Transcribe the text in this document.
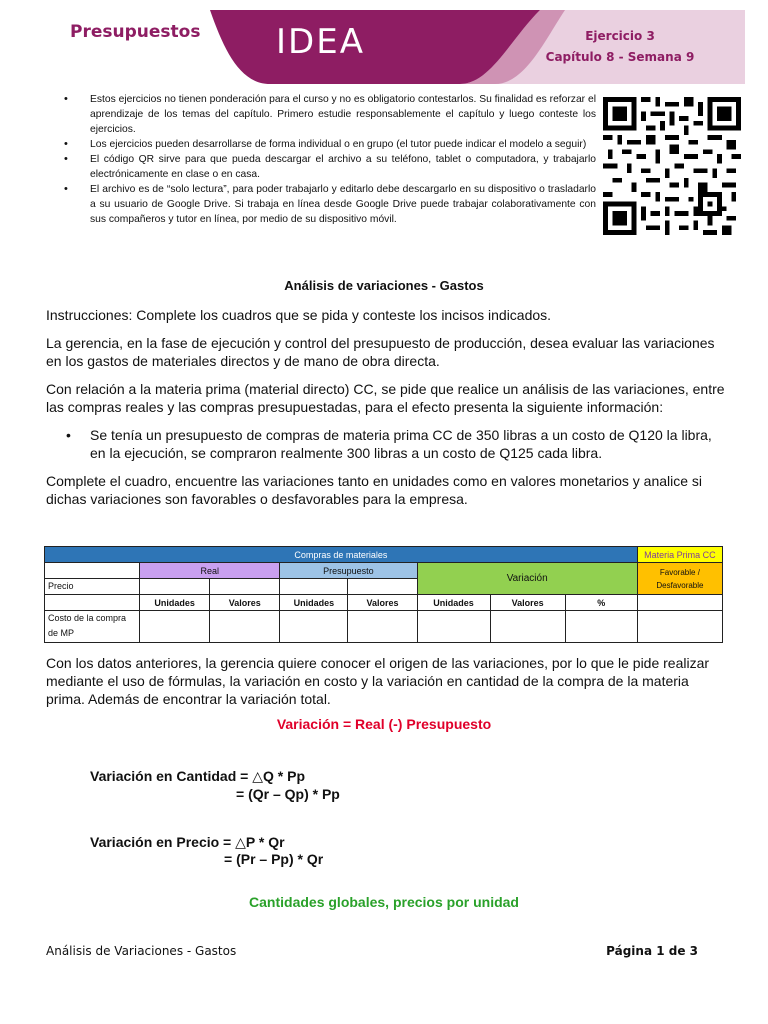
Presupuestos IDEA	Ejercicio 3
Capítulo 8 - Semana 9
• Estos ejercicios no tienen ponderación para el curso y no es obligatorio contestarlos. Su finalidad es reforzar el aprendizaje de los temas del capítulo. Primero estudie responsablemente el capítulo y luego conteste los ejercicios.
• Los ejercicios pueden desarrollarse de forma individual o en grupo (el tutor puede indicar el modelo a seguir)
• El código QR sirve para que pueda descargar el archivo a su teléfono, tablet o computadora, y trabajarlo electrónicamente en clase o en casa.
• El archivo es de “solo lectura”, para poder trabajarlo y editarlo debe descargarlo en su dispositivo o trasladarlo a su usuario de Google Drive. Si trabaja en línea desde Google Drive puede trabajar colaborativamente con sus compañeros y tutor en línea, por medio de su dispositivo móvil.
Análisis de variaciones - Gastos

Instrucciones: Complete los cuadros que se pida y conteste los incisos indicados.

La gerencia, en la fase de ejecución y control del presupuesto de producción, desea evaluar las variaciones en los gastos de materiales directos y de mano de obra directa.

Con relación a la materia prima (material directo) CC, se pide que realice un análisis de las variaciones, entre las compras reales y las compras presupuestadas, para el efecto presenta la siguiente información:

•	Se tenía un presupuesto de compras de materia prima CC de 350 libras a un costo de Q120 la libra, en la ejecución, se compraron realmente 300 libras a un costo de Q125 cada libra.

Complete el cuadro, encuentre las variaciones tanto en unidades como en valores monetarios y analice si dichas variaciones son favorables o desfavorables para la empresa.

Compras de materiales								Materia Prima CC
	Real		Presupuesto		Variación			Favorable / Desfavorable
Precio								
	Unidades	Valores	Unidades	Valores	Unidades	Valores	%	
Costo de la compra de MP								

Con los datos anteriores, la gerencia quiere conocer el origen de las variaciones, por lo que le pide realizar mediante el uso de fórmulas, la variación en costo y la variación en cantidad de la compra de la materia prima. Además de encontrar la variación total.

Variación = Real (-) Presupuesto
Variación en Cantidad = △Q * Pp
= (Qr – Qp) * Pp
Variación en Precio = △P * Qr
= (Pr – Pp) * Qr
Cantidades globales, precios por unidad
Análisis de Variaciones - Gastos	Página 1 de 3
